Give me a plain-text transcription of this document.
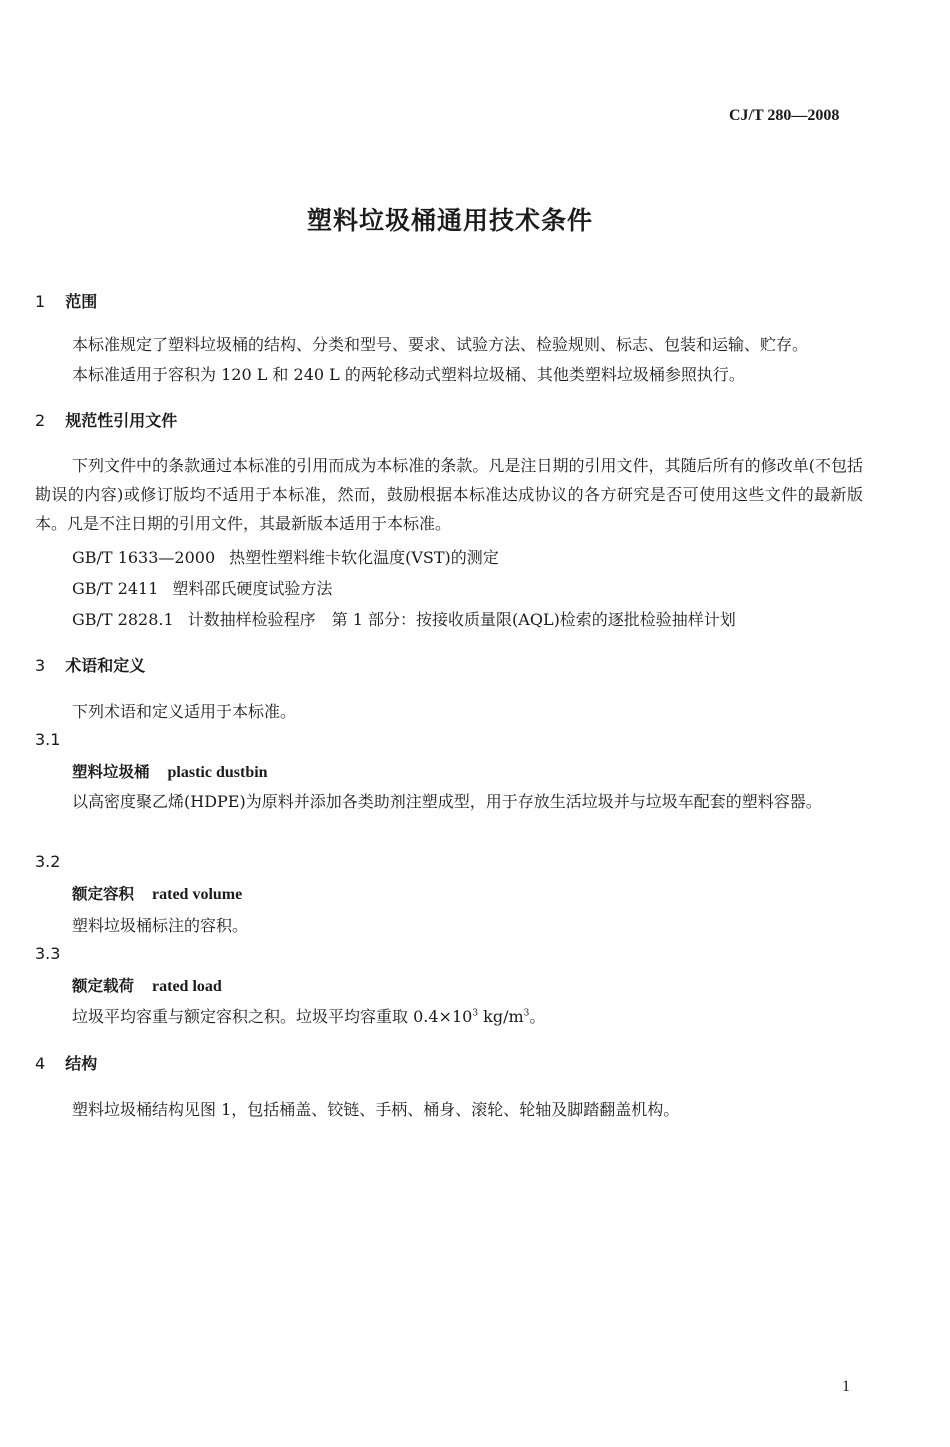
CJ/T 280—2008
塑料垃圾桶通用技术条件
1 范围
本标准规定了塑料垃圾桶的结构、分类和型号、要求、试验方法、检验规则、标志、包装和运输、贮存。
本标准适用于容积为 120 L 和 240 L 的两轮移动式塑料垃圾桶、其他类塑料垃圾桶参照执行。
2 规范性引用文件
下列文件中的条款通过本标准的引用而成为本标准的条款。凡是注日期的引用文件，其随后所有的修改单(不包括勘误的内容)或修订版均不适用于本标准，然而，鼓励根据本标准达成协议的各方研究是否可使用这些文件的最新版本。凡是不注日期的引用文件，其最新版本适用于本标准。
GB/T 1633—2000 热塑性塑料维卡软化温度(VST)的测定
GB/T 2411 塑料邵氏硬度试验方法
GB/T 2828.1 计数抽样检验程序　第 1 部分：按接收质量限(AQL)检索的逐批检验抽样计划
3 术语和定义
下列术语和定义适用于本标准。
3.1
塑料垃圾桶 plastic dustbin
以高密度聚乙烯(HDPE)为原料并添加各类助剂注塑成型，用于存放生活垃圾并与垃圾车配套的塑料容器。
3.2
额定容积 rated volume
塑料垃圾桶标注的容积。
3.3
额定载荷 rated load
垃圾平均容重与额定容积之积。垃圾平均容重取 $0.4\times 10^3$ $kg/m^3$。
4 结构
塑料垃圾桶结构见图 1，包括桶盖、铰链、手柄、桶身、滚轮、轮轴及脚踏翻盖机构。
1
